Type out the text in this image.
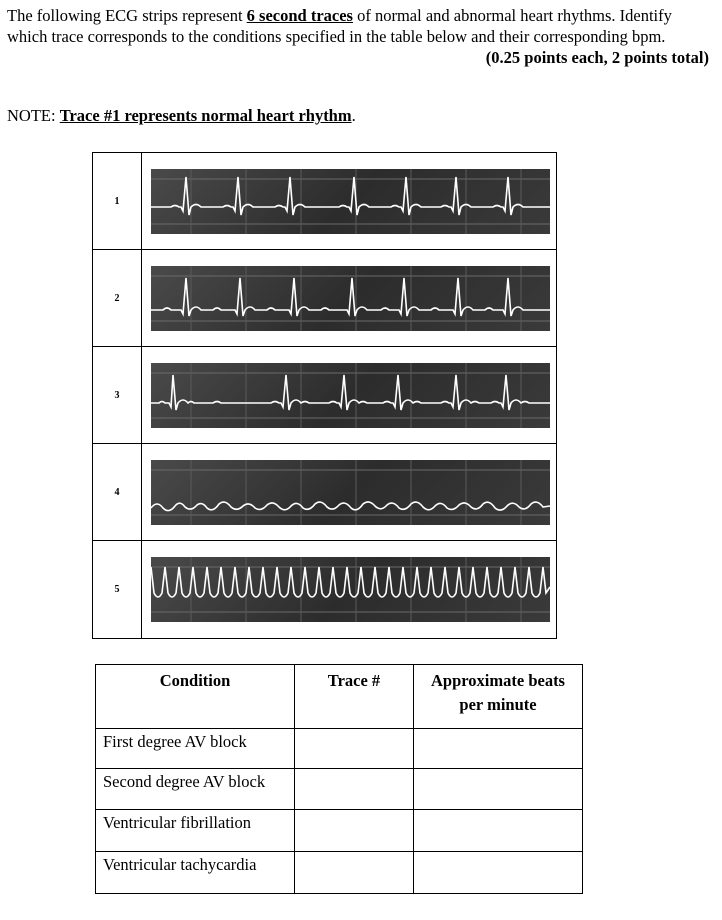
The following ECG strips represent 6 second traces of normal and abnormal heart rhythms. Identify which trace corresponds to the conditions specified in the table below and their corresponding bpm.

(0.25 points each, 2 points total)
NOTE: Trace #1 represents normal heart rhythm.
1
2
3
4
5
Condition	Trace #	Approximate beats per minute

First degree AV block		
Second degree AV block		
Ventricular fibrillation		
Ventricular tachycardia		
